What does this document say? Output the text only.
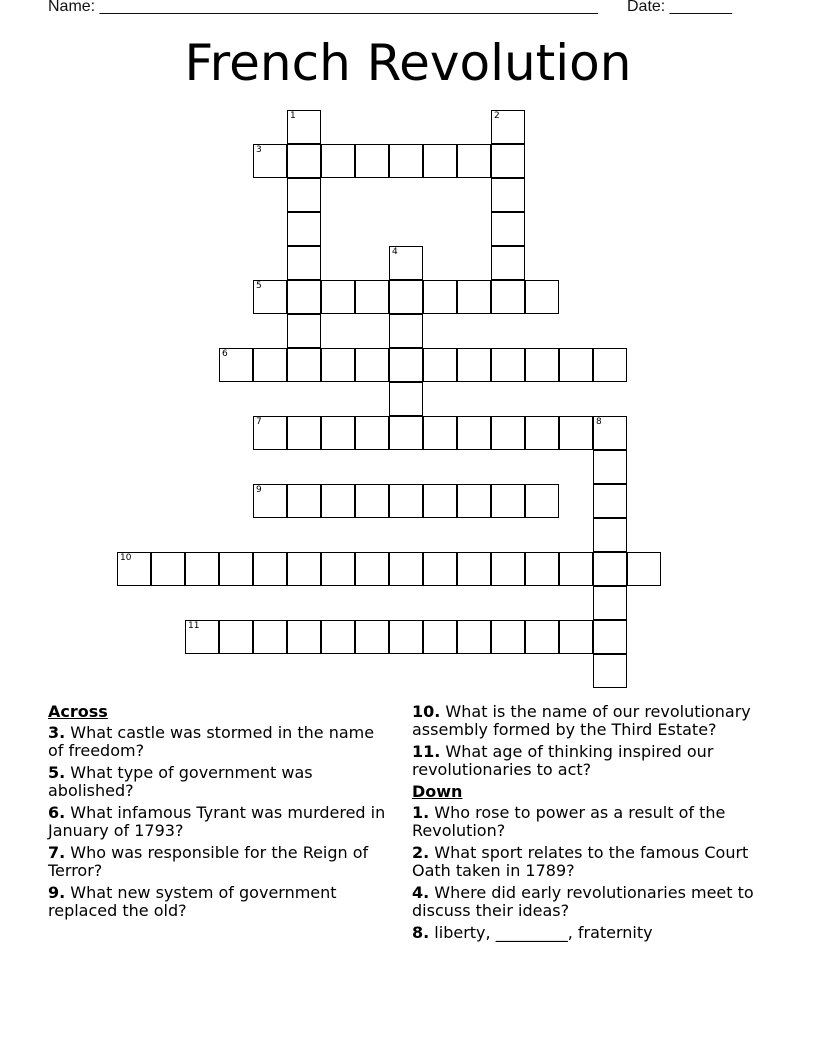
Name: ________________________________________________________ Date: _______
French Revolution
1	2
3
4
5
6
7	8
9
10
11
Across
3. What castle was stormed in the name of freedom?
5. What type of government was abolished?
6. What infamous Tyrant was murdered in January of 1793?
7. Who was responsible for the Reign of Terror?
9. What new system of government replaced the old?
10. What is the name of our revolutionary assembly formed by the Third Estate?
11. What age of thinking inspired our revolutionaries to act?
Down
1. Who rose to power as a result of the Revolution?
2. What sport relates to the famous Court Oath taken in 1789?
4. Where did early revolutionaries meet to discuss their ideas?
8. liberty, _________, fraternity
